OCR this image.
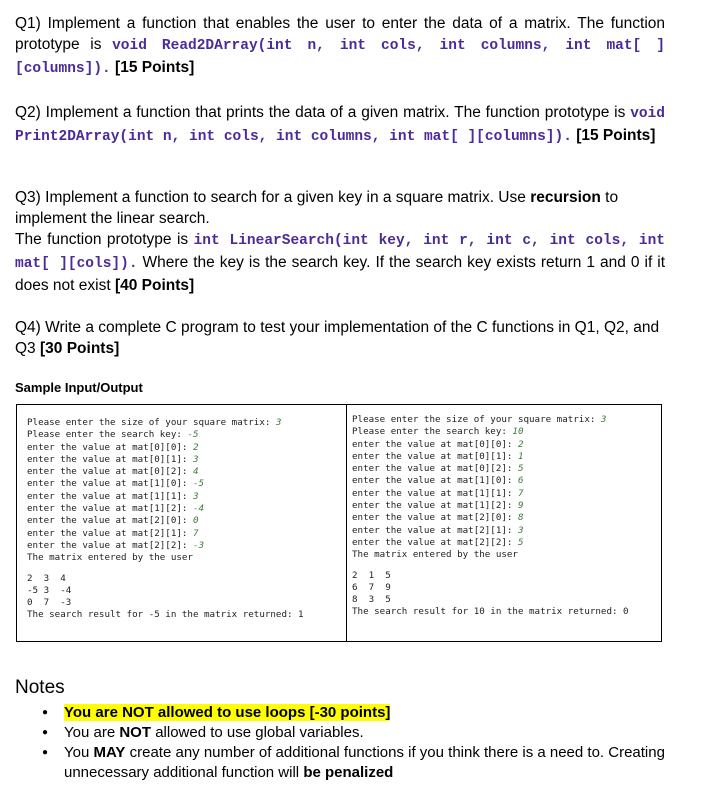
Q1) Implement a function that enables the user to enter the data of a matrix. The function prototype is void Read2DArray(int n, int cols, int columns, int mat[ ][columns]). [15 Points]
Q2) Implement a function that prints the data of a given matrix. The function prototype is void Print2DArray(int n, int cols, int columns, int mat[ ][columns]). [15 Points]
Q3) Implement a function to search for a given key in a square matrix. Use recursion to implement the linear search.
The function prototype is int LinearSearch(int key, int r, int c, int cols, int mat[ ][cols]). Where the key is the search key. If the search key exists return 1 and 0 if it does not exist [40 Points]
Q4) Write a complete C program to test your implementation of the C functions in Q1, Q2, and Q3 [30 Points]
Sample Input/Output
Please enter the size of your square matrix: 3
Please enter the search key: -5
enter the value at mat[0][0]: 2
enter the value at mat[0][1]: 3
enter the value at mat[0][2]: 4
enter the value at mat[1][0]: -5
enter the value at mat[1][1]: 3
enter the value at mat[1][2]: -4
enter the value at mat[2][0]: 0
enter the value at mat[2][1]: 7
enter the value at mat[2][2]: -3
The matrix entered by the user
2  3  4
-5 3  -4
0  7  -3
The search result for -5 in the matrix returned: 1
Please enter the size of your square matrix: 3
Please enter the search key: 10
enter the value at mat[0][0]: 2
enter the value at mat[0][1]: 1
enter the value at mat[0][2]: 5
enter the value at mat[1][0]: 6
enter the value at mat[1][1]: 7
enter the value at mat[1][2]: 9
enter the value at mat[2][0]: 8
enter the value at mat[2][1]: 3
enter the value at mat[2][2]: 5
The matrix entered by the user
2  1  5
6  7  9
8  3  5
The search result for 10 in the matrix returned: 0
Notes
● You are NOT allowed to use loops [-30 points]
● You are NOT allowed to use global variables.
● You MAY create any number of additional functions if you think there is a need to. Creating unnecessary additional function will be penalized
